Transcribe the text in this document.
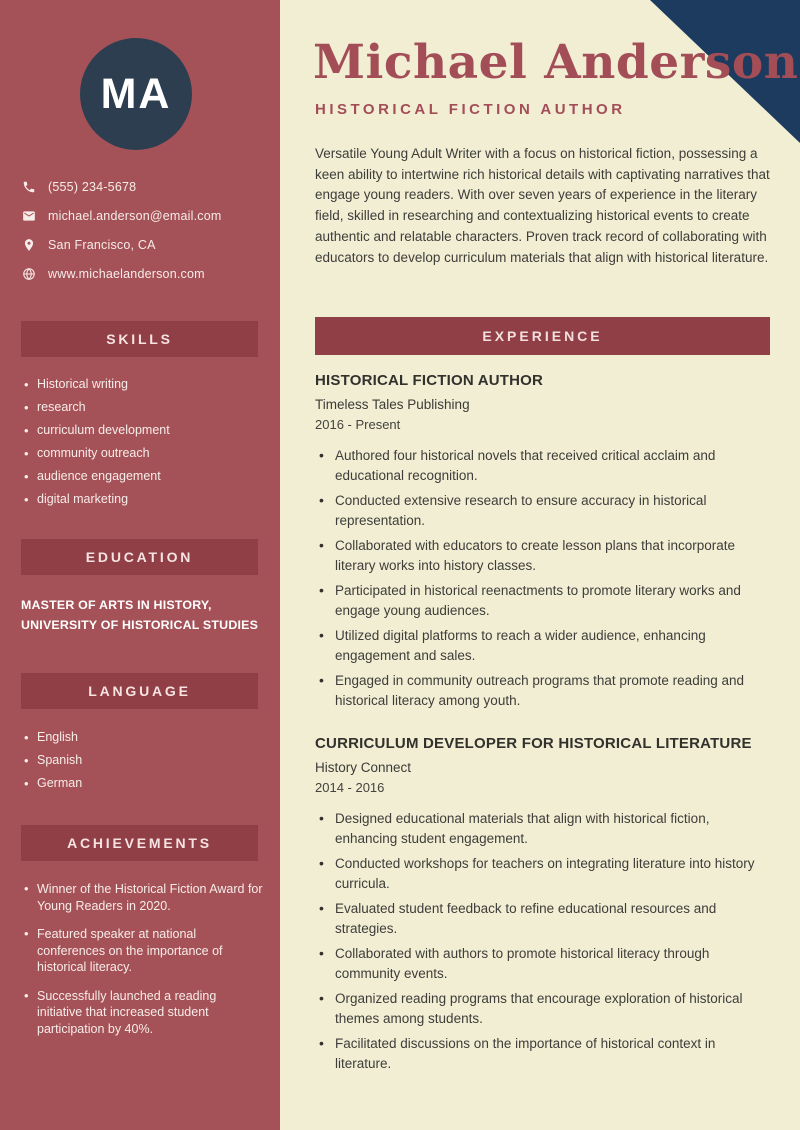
MA
(555) 234-5678
michael.anderson@email.com
San Francisco, CA
www.michaelanderson.com
SKILLS
• Historical writing
• research
• curriculum development
• community outreach
• audience engagement
• digital marketing
EDUCATION
MASTER OF ARTS IN HISTORY,
UNIVERSITY OF HISTORICAL STUDIES
LANGUAGE
• English
• Spanish
• German
ACHIEVEMENTS
• Winner of the Historical Fiction Award for Young Readers in 2020.
• Featured speaker at national conferences on the importance of historical literacy.
• Successfully launched a reading initiative that increased student participation by 40%.
Michael Anderson
HISTORICAL FICTION AUTHOR

Versatile Young Adult Writer with a focus on historical fiction, possessing a keen ability to intertwine rich historical details with captivating narratives that engage young readers. With over seven years of experience in the literary field, skilled in researching and contextualizing historical events to create authentic and relatable characters. Proven track record of collaborating with educators to develop curriculum materials that align with historical literature.

EXPERIENCE
HISTORICAL FICTION AUTHOR
Timeless Tales Publishing
2016 - Present
• Authored four historical novels that received critical acclaim and educational recognition.
• Conducted extensive research to ensure accuracy in historical representation.
• Collaborated with educators to create lesson plans that incorporate literary works into history classes.
• Participated in historical reenactments to promote literary works and engage young audiences.
• Utilized digital platforms to reach a wider audience, enhancing engagement and sales.
• Engaged in community outreach programs that promote reading and historical literacy among youth.
CURRICULUM DEVELOPER FOR HISTORICAL LITERATURE
History Connect
2014 - 2016
• Designed educational materials that align with historical fiction, enhancing student engagement.
• Conducted workshops for teachers on integrating literature into history curricula.
• Evaluated student feedback to refine educational resources and strategies.
• Collaborated with authors to promote historical literacy through community events.
• Organized reading programs that encourage exploration of historical themes among students.
• Facilitated discussions on the importance of historical context in literature.
